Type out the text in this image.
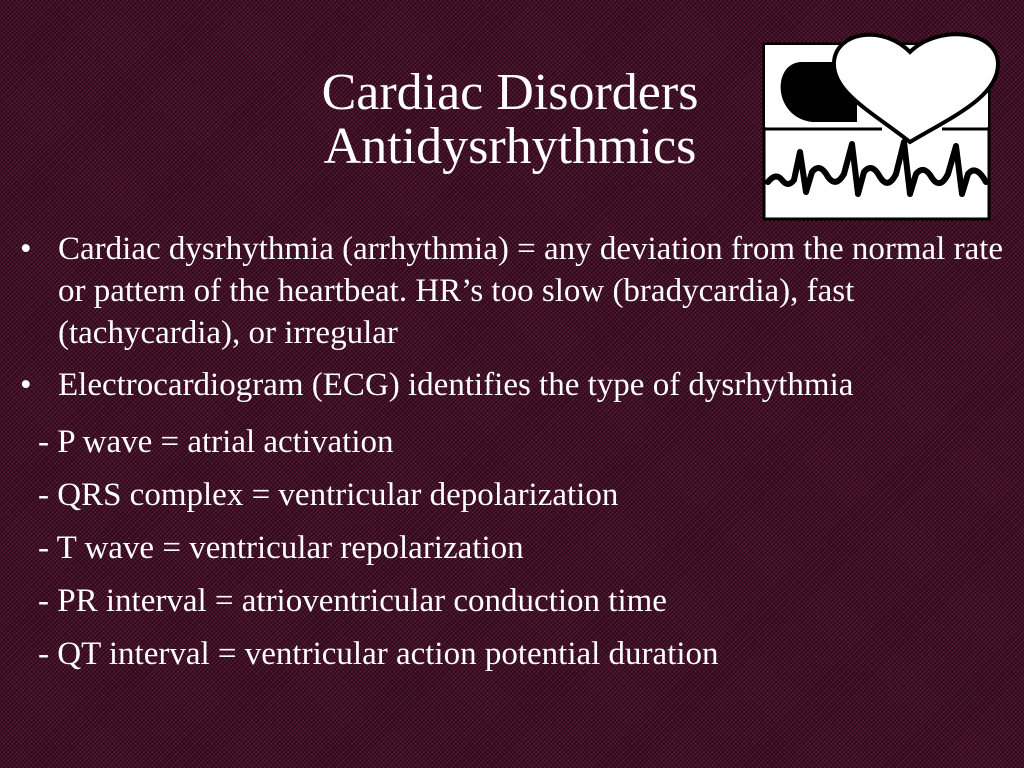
Cardiac Disorders
Antidysrhythmics
• Cardiac dysrhythmia (arrhythmia) = any deviation from the normal rate or pattern of the heartbeat. HR’s too slow (bradycardia), fast (tachycardia), or irregular
• Electrocardiogram (ECG) identifies the type of dysrhythmia
- P wave = atrial activation
- QRS complex = ventricular depolarization
- T wave = ventricular repolarization
- PR interval = atrioventricular conduction time
- QT interval = ventricular action potential duration
